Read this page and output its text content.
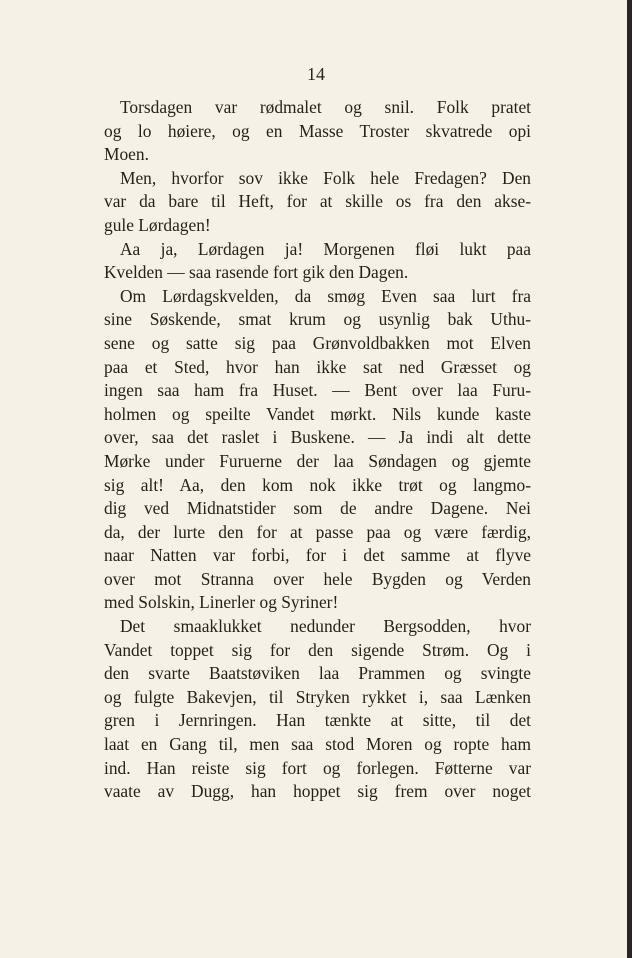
14
Torsdagen var rødmalet og snil. Folk pratet
og lo høiere, og en Masse Troster skvatrede opi
Moen.
Men, hvorfor sov ikke Folk hele Fredagen? Den
var da bare til Heft, for at skille os fra den akse-
gule Lørdagen!
Aa ja, Lørdagen ja! Morgenen fløi lukt paa
Kvelden — saa rasende fort gik den Dagen.
Om Lørdagskvelden, da smøg Even saa lurt fra
sine Søskende, smat krum og usynlig bak Uthu-
sene og satte sig paa Grønvoldbakken mot Elven
paa et Sted, hvor han ikke sat ned Græsset og
ingen saa ham fra Huset. — Bent over laa Furu-
holmen og speilte Vandet mørkt. Nils kunde kaste
over, saa det raslet i Buskene. — Ja indi alt dette
Mørke under Furuerne der laa Søndagen og gjemte
sig alt! Aa, den kom nok ikke trøt og langmo-
dig ved Midnatstider som de andre Dagene. Nei
da, der lurte den for at passe paa og være færdig,
naar Natten var forbi, for i det samme at flyve
over mot Stranna over hele Bygden og Verden
med Solskin, Linerler og Syriner!
Det smaaklukket nedunder Bergsodden, hvor
Vandet toppet sig for den sigende Strøm. Og i
den svarte Baatstøviken laa Prammen og svingte
og fulgte Bakevjen, til Stryken rykket i, saa Lænken
gren i Jernringen. Han tænkte at sitte, til det
laat en Gang til, men saa stod Moren og ropte ham
ind. Han reiste sig fort og forlegen. Føtterne var
vaate av Dugg, han hoppet sig frem over noget
